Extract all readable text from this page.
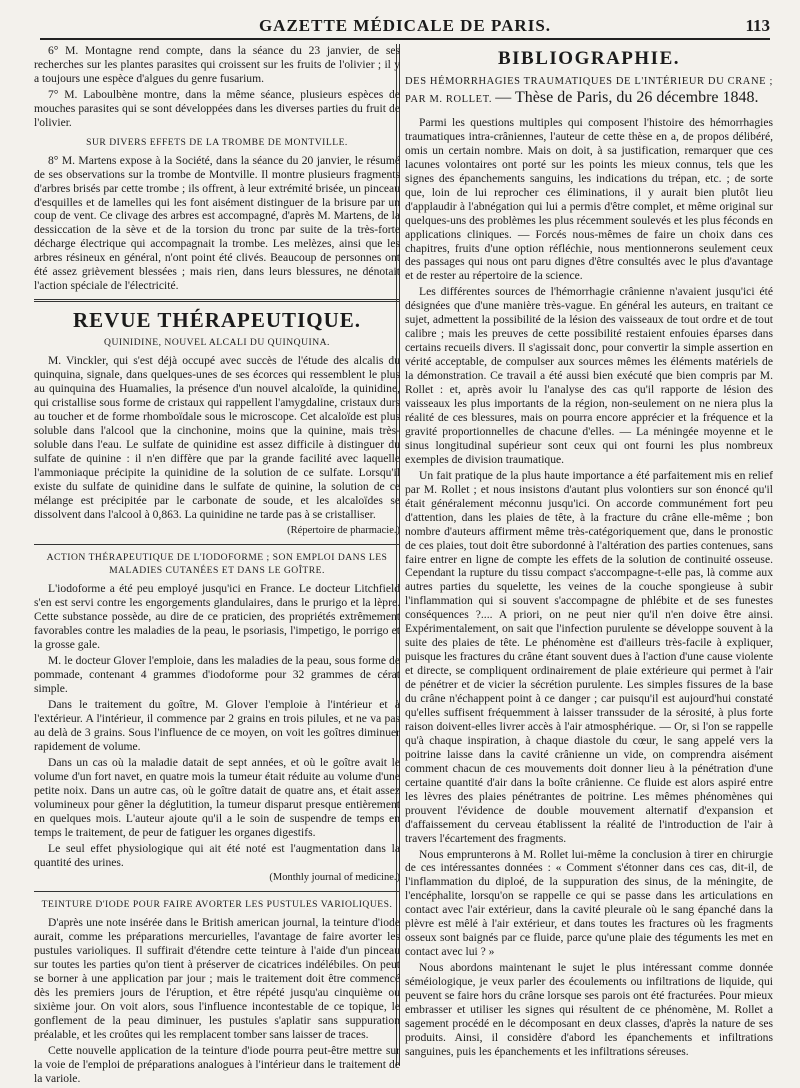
GAZETTE MÉDICALE DE PARIS.	113

6° M. Montagne rend compte, dans la séance du 23 janvier, de ses recherches sur les plantes parasites qui croissent sur les fruits de l'olivier ; il y a toujours une espèce d'algues du genre fusarium.

7° M. Laboulbène montre, dans la même séance, plusieurs espèces de mouches parasites qui se sont développées dans les diverses parties du fruit de l'olivier.

SUR DIVERS EFFETS DE LA TROMBE DE MONTVILLE.

8° M. Martens expose à la Société, dans la séance du 20 janvier, le résumé de ses observations sur la trombe de Montville. Il montre plusieurs fragments d'arbres brisés par cette trombe ; ils offrent, à leur extrémité brisée, un pinceau d'esquilles et de lamelles qui les font aisément distinguer de la brisure par un coup de vent. Ce clivage des arbres est accompagné, d'après M. Martens, de la dessiccation de la sève et de la torsion du tronc par suite de la très-forte décharge électrique qui accompagnait la trombe. Les melèzes, ainsi que les arbres résineux en général, n'ont point été clivés. Beaucoup de personnes ont été assez grièvement blessées ; mais rien, dans leurs blessures, ne dénotait l'action spéciale de l'électricité.

REVUE THÉRAPEUTIQUE.
QUINIDINE, NOUVEL ALCALI DU QUINQUINA.

M. Vinckler, qui s'est déjà occupé avec succès de l'étude des alcalis du quinquina, signale, dans quelques-unes de ses écorces qui ressemblent le plus au quinquina des Huamalies, la présence d'un nouvel alcaloïde, la quinidine, qui cristallise sous forme de cristaux qui rappellent l'amygdaline, cristaux durs au toucher et de forme rhomboïdale sous le microscope. Cet alcaloïde est plus soluble dans l'alcool que la cinchonine, moins que la quinine, mais très-soluble dans l'eau. Le sulfate de quinidine est assez difficile à distinguer du sulfate de quinine : il n'en diffère que par la grande facilité avec laquelle l'ammoniaque précipite la quinidine de la solution de ce sulfate. Lorsqu'il existe du sulfate de quinidine dans le sulfate de quinine, la solution de ce mélange est précipitée par le carbonate de soude, et les alcaloïdes se dissolvent dans l'alcool à 0,863. La quinidine ne tarde pas à se cristalliser.

(Répertoire de pharmacie.)
ACTION THÉRAPEUTIQUE DE L'IODOFORME ; SON EMPLOI DANS LES MALADIES CUTANÉES ET DANS LE GOÎTRE.

L'iodoforme a été peu employé jusqu'ici en France. Le docteur Litchfield s'en est servi contre les engorgements glandulaires, dans le prurigo et la lèpre. Cette substance possède, au dire de ce praticien, des propriétés extrêmement favorables contre les maladies de la peau, le psoriasis, l'impetigo, le porrigo et la grosse gale.

M. le docteur Glover l'emploie, dans les maladies de la peau, sous forme de pommade, contenant 4 grammes d'iodoforme pour 32 grammes de cérat simple.

Dans le traitement du goître, M. Glover l'emploie à l'intérieur et à l'extérieur. A l'intérieur, il commence par 2 grains en trois pilules, et ne va pas au delà de 3 grains. Sous l'influence de ce moyen, on voit les goîtres diminuer rapidement de volume.

Dans un cas où la maladie datait de sept années, et où le goître avait le volume d'un fort navet, en quatre mois la tumeur était réduite au volume d'une petite noix. Dans un autre cas, où le goître datait de quatre ans, et était assez volumineux pour gêner la déglutition, la tumeur disparut presque entièrement en quelques mois. L'auteur ajoute qu'il a le soin de suspendre de temps en temps le traitement, de peur de fatiguer les organes digestifs.

Le seul effet physiologique qui ait été noté est l'augmentation dans la quantité des urines.

(Monthly journal of medicine.)
TEINTURE D'IODE POUR FAIRE AVORTER LES PUSTULES VARIOLIQUES.

D'après une note insérée dans le British american journal, la teinture d'iode aurait, comme les préparations mercurielles, l'avantage de faire avorter les pustules varioliques. Il suffirait d'étendre cette teinture à l'aide d'un pinceau sur toutes les parties qu'on tient à préserver de cicatrices indélébiles. On peut se borner à une application par jour ; mais le traitement doit être commencé dès les premiers jours de l'éruption, et être répété jusqu'au cinquième ou sixième jour. On voit alors, sous l'influence incontestable de ce topique, le gonflement de la peau diminuer, les pustules s'aplatir sans suppuration préalable, et les croûtes qui les remplacent tomber sans laisser de traces.

Cette nouvelle application de la teinture d'iode pourra peut-être mettre sur la voie de l'emploi de préparations analogues à l'intérieur dans le traitement de la variole.

BIBLIOGRAPHIE.

DES HÉMORRHAGIES TRAUMATIQUES DE L'INTÉRIEUR DU CRANE ; PAR M. ROLLET. — Thèse de Paris, du 26 décembre 1848.

Parmi les questions multiples qui composent l'histoire des hémorrhagies traumatiques intra-crâniennes, l'auteur de cette thèse en a, de propos délibéré, omis un certain nombre. Mais on doit, à sa justification, remarquer que ces lacunes volontaires ont porté sur les points les mieux connus, tels que les signes des épanchements sanguins, les indications du trépan, etc. ; de sorte que, loin de lui reprocher ces éliminations, il y aurait bien plutôt lieu d'applaudir à l'abnégation qui lui a permis d'être complet, et même original sur quelques-uns des problèmes les plus récemment soulevés et les plus féconds en applications cliniques. — Forcés nous-mêmes de faire un choix dans ces chapitres, fruits d'une option réfléchie, nous mentionnerons seulement ceux des passages qui nous ont paru dignes d'être consultés avec le plus d'avantage et de rester au répertoire de la science.

Les différentes sources de l'hémorrhagie crânienne n'avaient jusqu'ici été désignées que d'une manière très-vague. En général les auteurs, en traitant ce sujet, admettent la possibilité de la lésion des vaisseaux de tout ordre et de tout calibre ; mais les preuves de cette possibilité restaient enfouies éparses dans certains recueils divers. Il s'agissait donc, pour convertir la simple assertion en vérité acceptable, de compulser aux sources mêmes les éléments matériels de la démonstration. Ce travail a été aussi bien exécuté que bien compris par M. Rollet : et, après avoir lu l'analyse des cas qu'il rapporte de lésion des vaisseaux les plus importants de la région, non-seulement on ne niera plus la réalité de ces blessures, mais on pourra encore apprécier et la fréquence et la gravité proportionnelles de chacune d'elles. — La méningée moyenne et le sinus longitudinal supérieur sont ceux qui ont fourni les plus nombreux exemples de division traumatique.

Un fait pratique de la plus haute importance a été parfaitement mis en relief par M. Rollet ; et nous insistons d'autant plus volontiers sur son énoncé qu'il était généralement méconnu jusqu'ici. On accorde communément fort peu d'attention, dans les plaies de tête, à la fracture du crâne elle-même ; bon nombre d'auteurs affirment même très-catégoriquement que, dans le pronostic de ces plaies, tout doit être subordonné à l'altération des parties contenues, sans faire entrer en ligne de compte les effets de la solution de continuité osseuse. Cependant la rupture du tissu compact s'accompagne-t-elle pas, là comme aux autres parties du squelette, les veines de la couche spongieuse à subir l'inflammation qui si souvent s'accompagne de phlébite et de ses funestes conséquences ?.... A priori, on ne peut nier qu'il n'en doive être ainsi. Expérimentalement, on sait que l'infection purulente se développe souvent à la suite des plaies de tête. Le phénomène est d'ailleurs très-facile à expliquer, puisque les fractures du crâne étant souvent dues à l'action d'une cause violente et directe, se compliquent ordinairement de plaie extérieure qui permet à l'air de pénétrer et de vicier la sécrétion purulente. Les simples fissures de la base du crâne n'échappent point à ce danger ; car puisqu'il est aujourd'hui constaté qu'elles suffisent fréquemment à laisser transsuder de la sérosité, à plus forte raison doivent-elles livrer accès à l'air atmosphérique. — Or, si l'on se rappelle qu'à chaque inspiration, à chaque diastole du cœur, le sang appelé vers la poitrine laisse dans la cavité crânienne un vide, on comprendra aisément comment chacun de ces mouvements doit donner lieu à la pénétration d'une certaine quantité d'air dans la boîte crânienne. Ce fluide est alors aspiré entre les lèvres des plaies pénétrantes de poitrine. Les mêmes phénomènes qui prouvent l'évidence de double mouvement alternatif d'expansion et d'affaissement du cerveau établissent la réalité de l'introduction de l'air à travers l'écartement des fragments.

Nous emprunterons à M. Rollet lui-même la conclusion à tirer en chirurgie de ces intéressantes données : « Comment s'étonner dans ces cas, dit-il, de l'inflammation du diploé, de la suppuration des sinus, de la méningite, de l'encéphalite, lorsqu'on se rappelle ce qui se passe dans les articulations en contact avec l'air extérieur, dans la cavité pleurale où le sang épanché dans la plèvre est mêlé à l'air extérieur, et dans toutes les fractures où les fragments osseux sont baignés par ce fluide, parce qu'une plaie des téguments les met en contact avec lui ? »

Nous abordons maintenant le sujet le plus intéressant comme donnée séméiologique, je veux parler des écoulements ou infiltrations de liquide, qui peuvent se faire hors du crâne lorsque ses parois ont été fracturées. Pour mieux embrasser et utiliser les signes qui résultent de ce phénomène, M. Rollet a sagement procédé en le décomposant en deux classes, d'après la nature de ses produits. Ainsi, il considère d'abord les épanchements et infiltrations sanguines, puis les épanchements et les infiltrations séreuses.
